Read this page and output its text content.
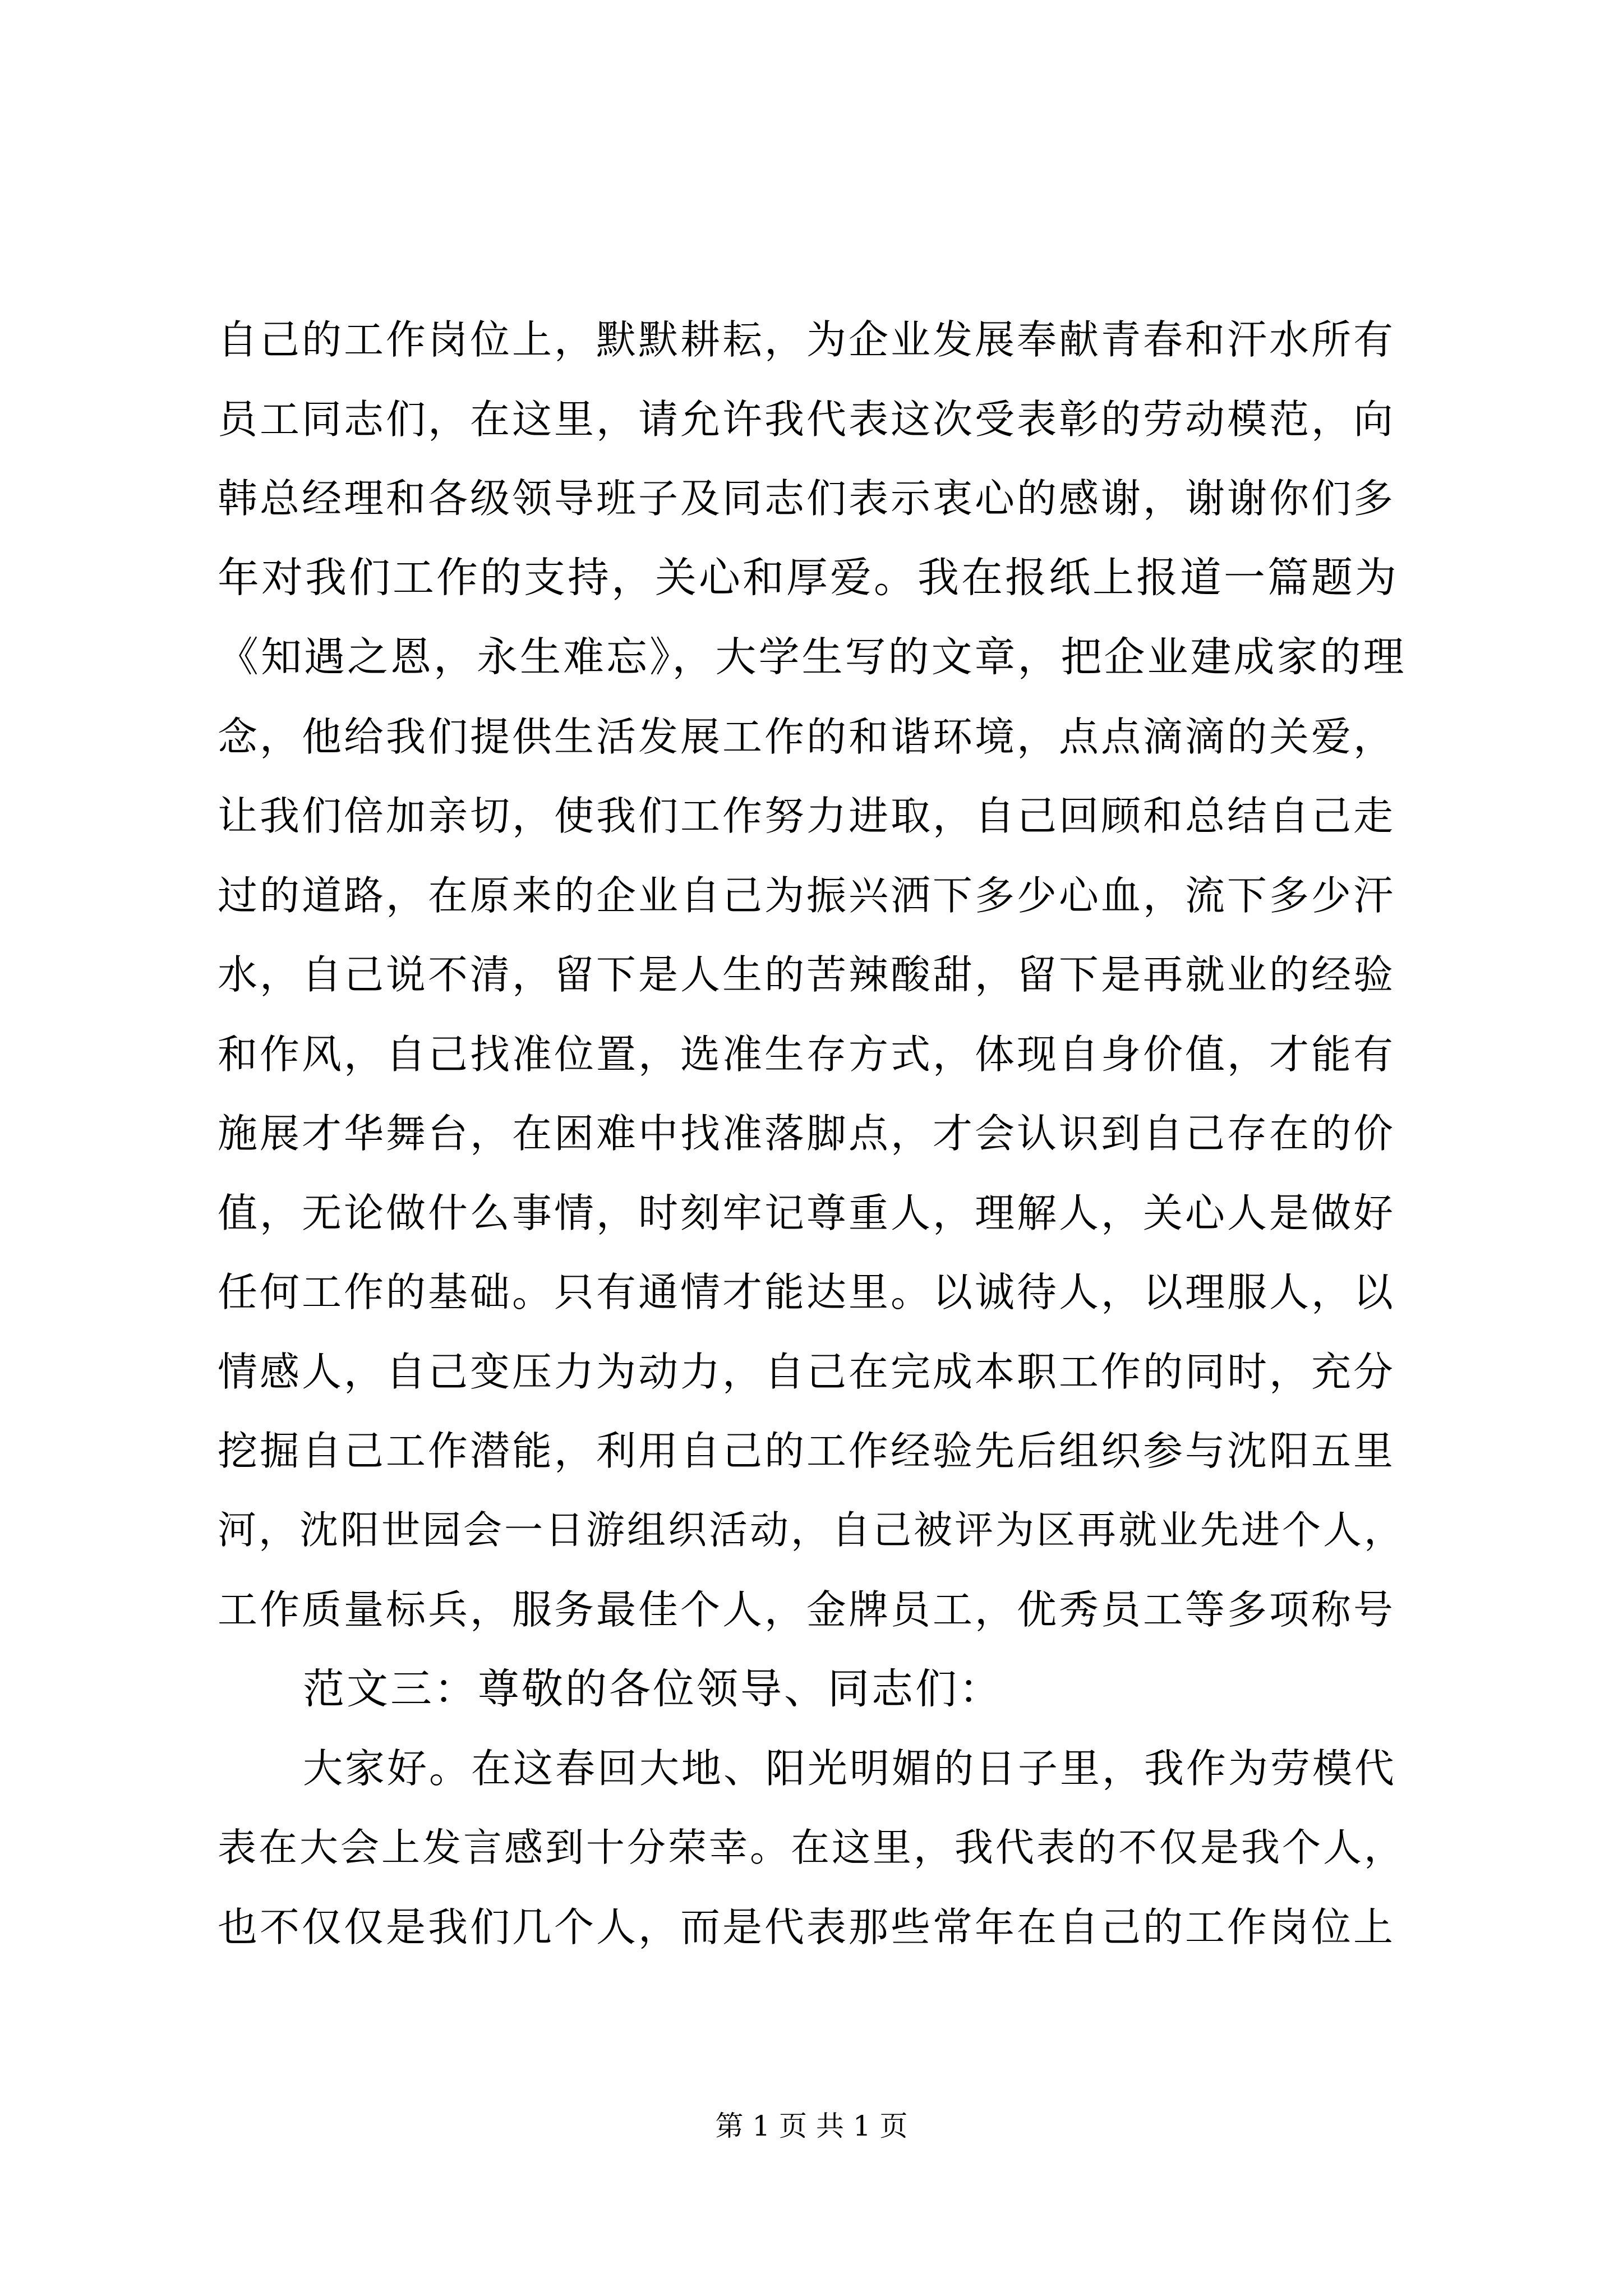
自己的工作岗位上，默默耕耘，为企业发展奉献青春和汗水所有
员工同志们，在这里，请允许我代表这次受表彰的劳动模范，向
韩总经理和各级领导班子及同志们表示衷心的感谢，谢谢你们多
年对我们工作的支持，关心和厚爱。我在报纸上报道一篇题为
《知遇之恩，永生难忘》，大学生写的文章，把企业建成家的理
念，他给我们提供生活发展工作的和谐环境，点点滴滴的关爱，
让我们倍加亲切，使我们工作努力进取，自己回顾和总结自己走
过的道路，在原来的企业自己为振兴洒下多少心血，流下多少汗
水，自己说不清，留下是人生的苦辣酸甜，留下是再就业的经验
和作风，自己找准位置，选准生存方式，体现自身价值，才能有
施展才华舞台，在困难中找准落脚点，才会认识到自己存在的价
值，无论做什么事情，时刻牢记尊重人，理解人，关心人是做好
任何工作的基础。只有通情才能达里。以诚待人，以理服人，以
情感人，自己变压力为动力，自己在完成本职工作的同时，充分
挖掘自己工作潜能，利用自己的工作经验先后组织参与沈阳五里
河，沈阳世园会一日游组织活动，自己被评为区再就业先进个人，
工作质量标兵，服务最佳个人，金牌员工，优秀员工等多项称号
范文三：尊敬的各位领导、同志们：
大家好。在这春回大地、阳光明媚的日子里，我作为劳模代
表在大会上发言感到十分荣幸。在这里，我代表的不仅是我个人，
也不仅仅是我们几个人，而是代表那些常年在自己的工作岗位上
第 1 页 共 1 页
